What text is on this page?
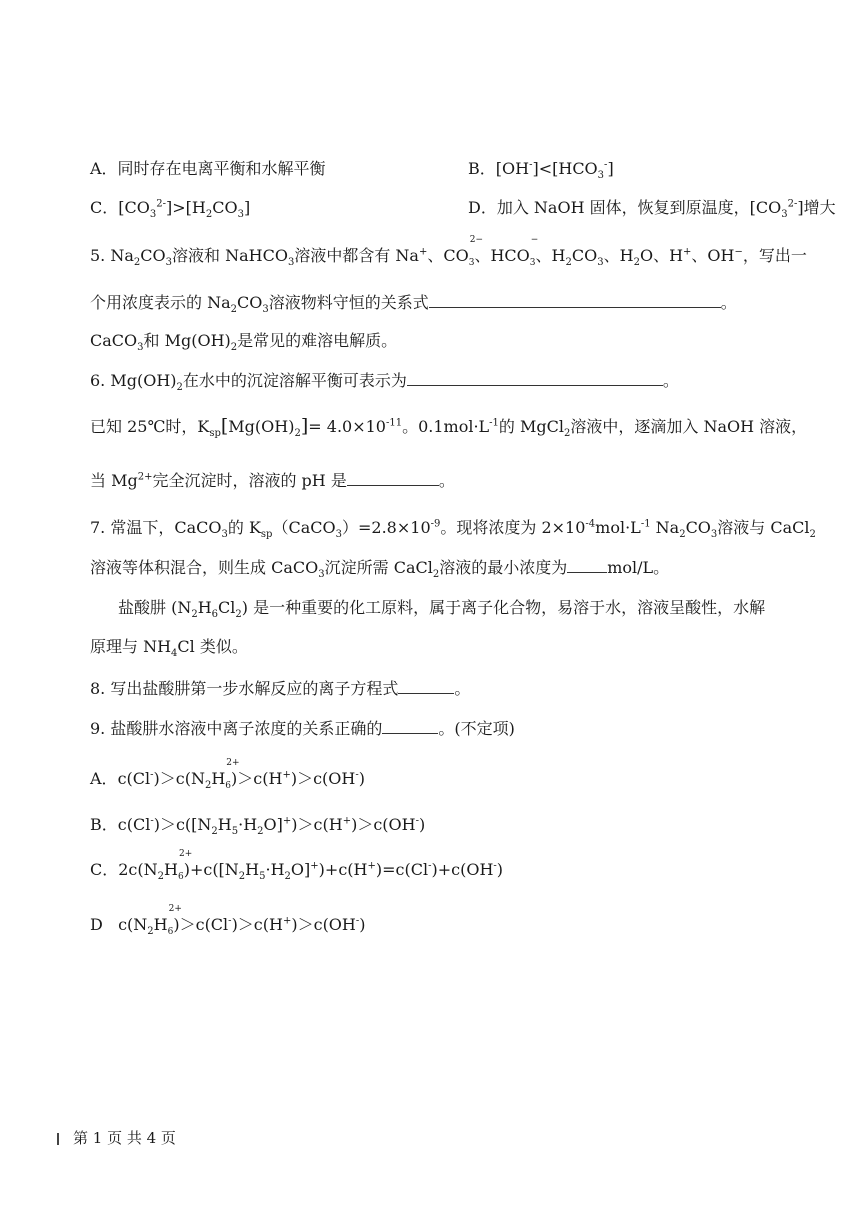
A．同时存在电离平衡和水解平衡	B．$[OH^-]<[HCO_3^-]$
C．$[CO_3^{2-}]>[H_2CO_3]$	D．加入 NaOH 固体，恢复到原温度，$[CO_3^{2-}]$增大
5. $Na_2CO_3$溶液和 NaHCO$_3$溶液中都含有 Na+、CO
2−
$_3$、HCO
−
$_3$、$H_2CO_3$、$H_2O$、H+、OH−，写出一
个用浓度表示的 $Na_2CO_3$溶液物料守恒的关系式	。
CaCO$_3$和 $Mg(OH)_2$是常见的难溶电解质。
6. $Mg(OH)_2$在水中的沉淀溶解平衡可表示为	。
已知 25℃时，$K_{sp}[Mg(OH)_2]= 4.0\times 10^{-11}$。$0.1mol\cdot L^{-1}$的 MgCl$_2$溶液中，逐滴加入 NaOH 溶液，
当 $Mg^{2+}$完全沉淀时，溶液的 pH 是	。
7. 常温下，CaCO$_3$的 $K_{sp}(CaCO_3)=2.8\times 10^{-9}$。现将浓度为 $2\times 10^{-4}mol\cdot L^{-1}$ $Na_2CO_3$溶液与 CaCl$_2$
溶液等体积混合，则生成 CaCO$_3$沉淀所需 CaCl$_2$溶液的最小浓度为	mol/L。
盐酸肼 $(N_2H_6Cl_2)$ 是一种重要的化工原料，属于离子化合物，易溶于水，溶液呈酸性，水解
原理与 $NH_4Cl$ 类似。
8. 写出盐酸肼第一步水解反应的离子方程式	。
9. 盐酸肼水溶液中离子浓度的关系正确的	。(不定项)
A．$c(Cl^-)>c(N_2H$
2+
$_6$)＞c(H+)＞c(OH-)
B．$c(Cl^-)>c([N_2H_5\cdot H_2O]^+)>c(H^+)>c(OH^-)$
C．$2c(N_2H$
2+
$_6)+c([N_2H_5\cdot H_2O]^+)+c(H^+)=c(Cl^-)+c(OH^-)$
D   $c(N_2H$
2+
$_6$)＞c(Cl-)＞c(H+)＞c(OH-)
第 1 页 共 4 页
